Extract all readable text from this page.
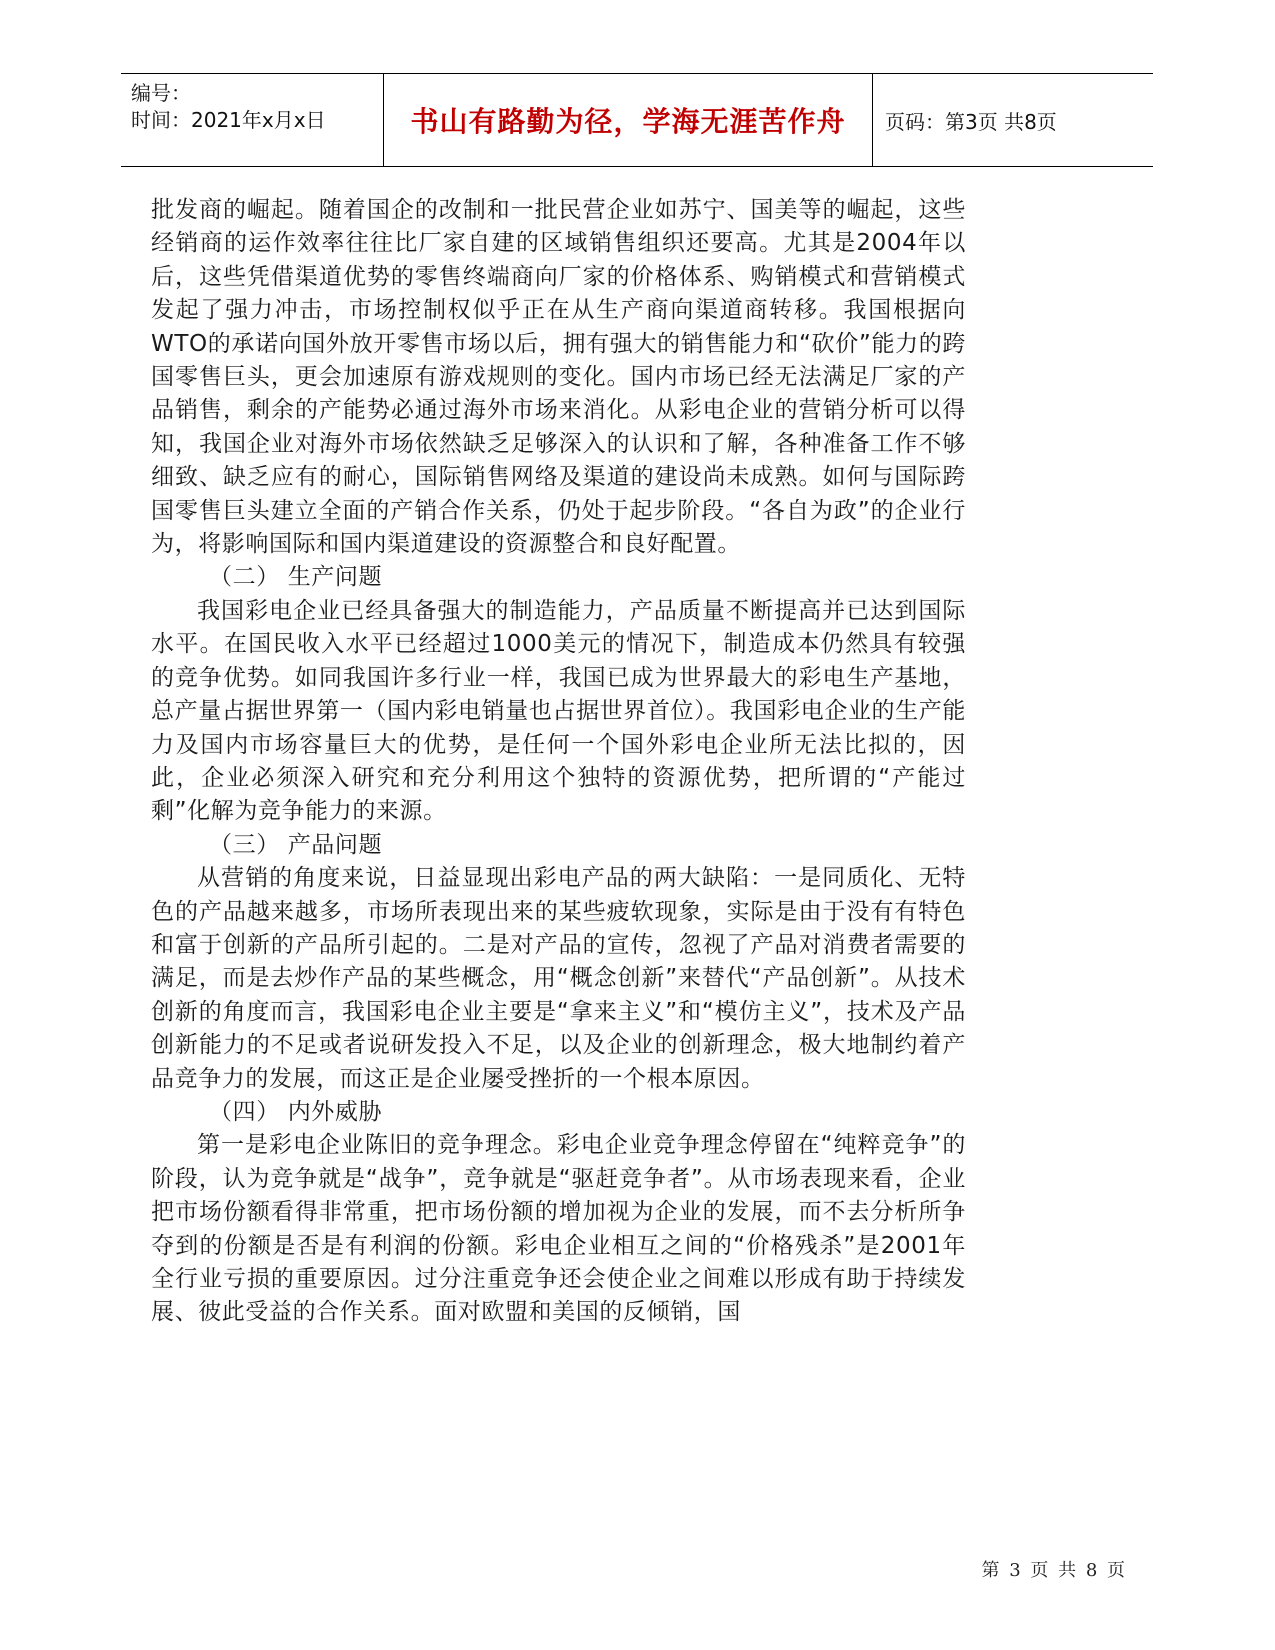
编号：
时间：2021年x月x日	书山有路勤为径，学海无涯苦作舟	页码：第3页 共8页

批发商的崛起。随着国企的改制和一批民营企业如苏宁、国美等的崛起，这些经销商的运作效率往往比厂家自建的区域销售组织还要高。尤其是2004年以后，这些凭借渠道优势的零售终端商向厂家的价格体系、购销模式和营销模式发起了强力冲击，市场控制权似乎正在从生产商向渠道商转移。我国根据向WTO的承诺向国外放开零售市场以后，拥有强大的销售能力和“砍价”能力的跨国零售巨头，更会加速原有游戏规则的变化。国内市场已经无法满足厂家的产品销售，剩余的产能势必通过海外市场来消化。从彩电企业的营销分析可以得知，我国企业对海外市场依然缺乏足够深入的认识和了解，各种准备工作不够细致、缺乏应有的耐心，国际销售网络及渠道的建设尚未成熟。如何与国际跨国零售巨头建立全面的产销合作关系，仍处于起步阶段。“各自为政”的企业行为，将影响国际和国内渠道建设的资源整合和良好配置。

（二） 生产问题

我国彩电企业已经具备强大的制造能力，产品质量不断提高并已达到国际水平。在国民收入水平已经超过1000美元的情况下，制造成本仍然具有较强的竞争优势。如同我国许多行业一样，我国已成为世界最大的彩电生产基地，总产量占据世界第一（国内彩电销量也占据世界首位）。我国彩电企业的生产能力及国内市场容量巨大的优势，是任何一个国外彩电企业所无法比拟的，因此，企业必须深入研究和充分利用这个独特的资源优势，把所谓的“产能过剩”化解为竞争能力的来源。

（三） 产品问题

从营销的角度来说，日益显现出彩电产品的两大缺陷：一是同质化、无特色的产品越来越多，市场所表现出来的某些疲软现象，实际是由于没有有特色和富于创新的产品所引起的。二是对产品的宣传，忽视了产品对消费者需要的满足，而是去炒作产品的某些概念，用“概念创新”来替代“产品创新”。从技术创新的角度而言，我国彩电企业主要是“拿来主义”和“模仿主义”，技术及产品创新能力的不足或者说研发投入不足，以及企业的创新理念，极大地制约着产品竞争力的发展，而这正是企业屡受挫折的一个根本原因。

（四） 内外威胁

第一是彩电企业陈旧的竞争理念。彩电企业竞争理念停留在“纯粹竞争”的阶段，认为竞争就是“战争”，竞争就是“驱赶竞争者”。从市场表现来看，企业把市场份额看得非常重，把市场份额的增加视为企业的发展，而不去分析所争夺到的份额是否是有利润的份额。彩电企业相互之间的“价格残杀”是2001年全行业亏损的重要原因。过分注重竞争还会使企业之间难以形成有助于持续发展、彼此受益的合作关系。面对欧盟和美国的反倾销，国

第 3 页 共 8 页
